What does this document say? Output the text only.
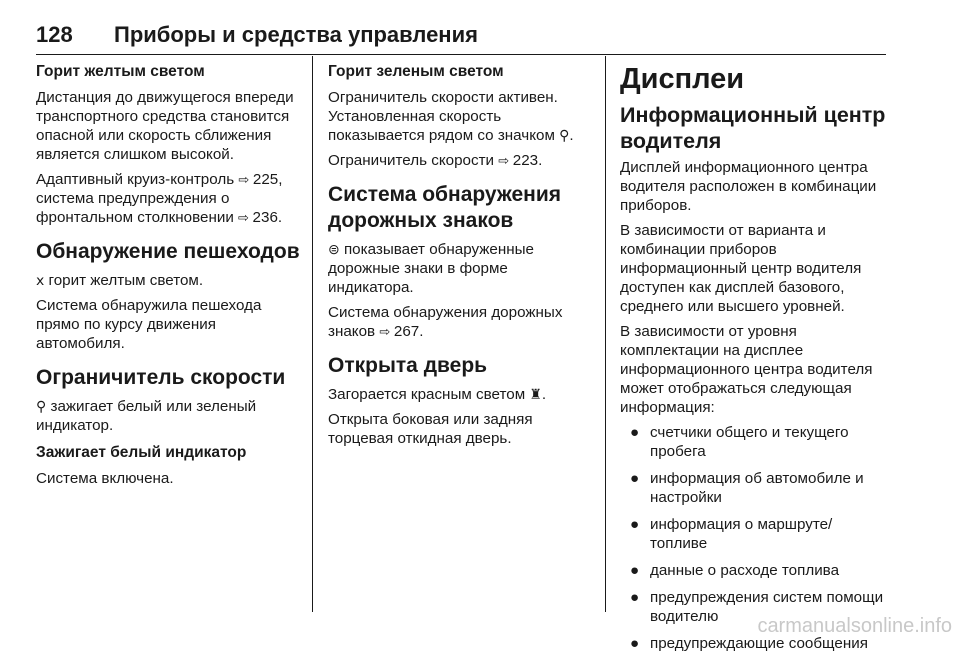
128 Приборы и средства управления
Горит желтым светом

Дистанция до движущегося впереди транспортного средства становится опасной или скорость сближения является слишком высокой.

Адаптивный круиз-контроль ⇨ 225, система предупреждения о фронтальном столкновении ⇨ 236.

Обнаружение пешеходов

ⅹ горит желтым светом.

Система обнаружила пешехода прямо по курсу движения автомобиля.

Ограничитель скорости

⚲ зажигает белый или зеленый индикатор.

Зажигает белый индикатор

Система включена.

Горит зеленым светом

Ограничитель скорости активен. Установленная скорость показывается рядом со значком ⚲.

Ограничитель скорости ⇨ 223.

Система обнаружения дорожных знаков

⊜ показывает обнаруженные дорожные знаки в форме индикатора.

Система обнаружения дорожных знаков ⇨ 267.

Открыта дверь

Загорается красным светом ♜.

Открыта боковая или задняя торцевая откидная дверь.

Дисплеи
Информационный центр водителя

Дисплей информационного центра водителя расположен в комбинации приборов.

В зависимости от варианта и комбинации приборов информационный центр водителя доступен как дисплей базового, среднего или высшего уровней.

В зависимости от уровня комплектации на дисплее информационного центра водителя может отображаться следующая информация:

● счетчики общего и текущего пробега
● информация об автомобиле и настройки
● информация о маршруте/топливе
● данные о расходе топлива
● предупреждения систем помощи водителю
● предупреждающие сообщения
carmanualsonline.info
